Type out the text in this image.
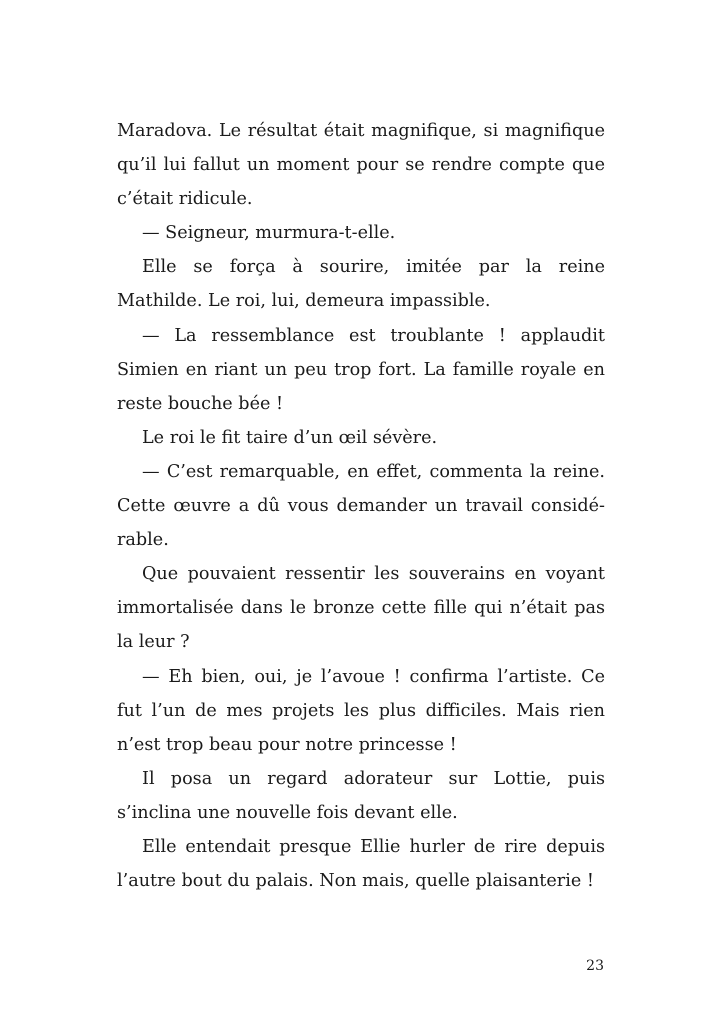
Maradova. Le résultat était magnifique, si magnifique qu’il lui fallut un moment pour se rendre compte que c’était ridicule.

— Seigneur, murmura-t-elle.

Elle se força à sourire, imitée par la reine Mathilde. Le roi, lui, demeura impassible.

— La ressemblance est troublante ! applaudit Simien en riant un peu trop fort. La famille royale en reste bouche bée !

Le roi le fit taire d’un œil sévère.

— C’est remarquable, en effet, commenta la reine. Cette œuvre a dû vous demander un travail considérable.

Que pouvaient ressentir les souverains en voyant immortalisée dans le bronze cette fille qui n’était pas la leur ?

— Eh bien, oui, je l’avoue ! confirma l’artiste. Ce fut l’un de mes projets les plus difficiles. Mais rien n’est trop beau pour notre princesse !

Il posa un regard adorateur sur Lottie, puis s’inclina une nouvelle fois devant elle.

Elle entendait presque Ellie hurler de rire depuis l’autre bout du palais. Non mais, quelle plaisanterie !

23
